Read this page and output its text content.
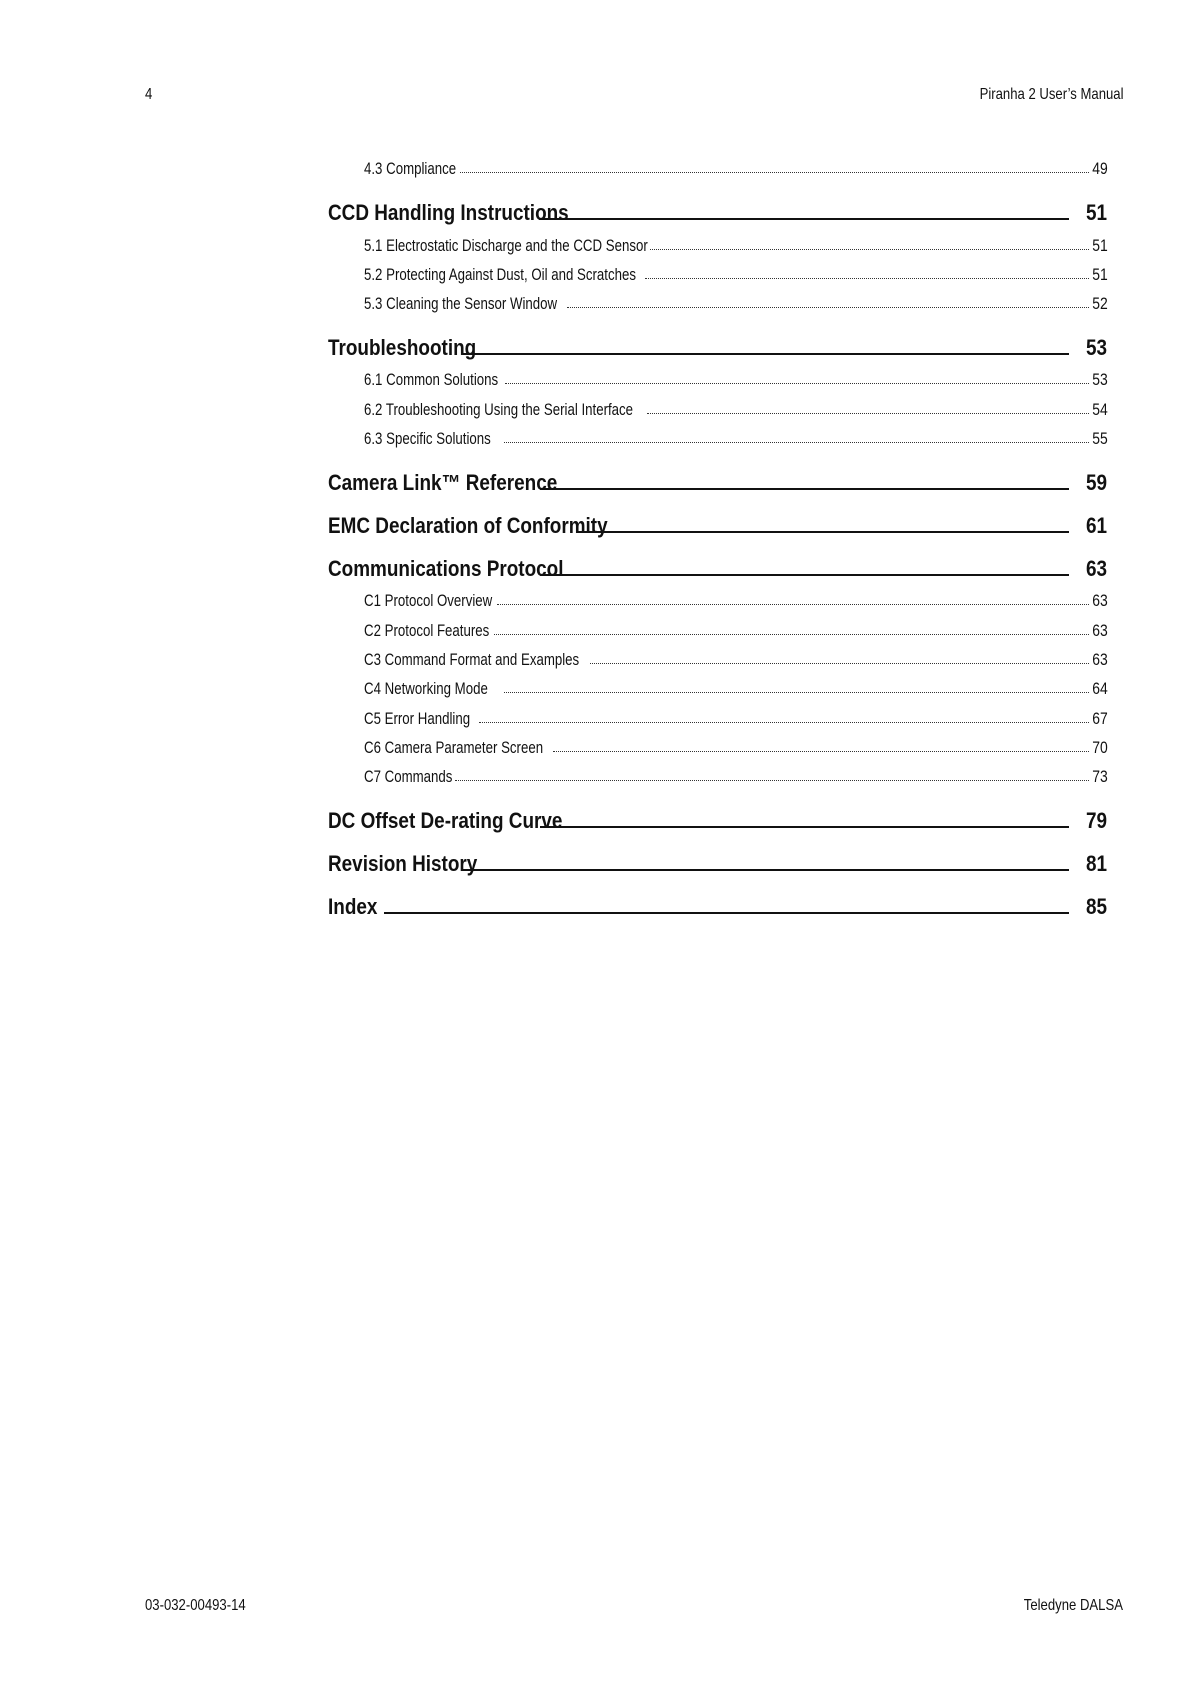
4	Piranha 2 User’s Manual
4.3 Compliance	49
CCD Handling Instructions	51
5.1 Electrostatic Discharge and the CCD Sensor	51
5.2 Protecting Against Dust, Oil and Scratches	51
5.3 Cleaning the Sensor Window	52
Troubleshooting	53
6.1 Common Solutions	53
6.2 Troubleshooting Using the Serial Interface	54
6.3 Specific Solutions	55
Camera Link™ Reference	59
EMC Declaration of Conformity	61
Communications Protocol	63
C1 Protocol Overview	63
C2 Protocol Features	63
C3 Command Format and Examples	63
C4 Networking Mode	64
C5 Error Handling	67
C6 Camera Parameter Screen	70
C7 Commands	73
DC Offset De-rating Curve	79
Revision History	81
Index	85
03-032-00493-14	Teledyne DALSA
